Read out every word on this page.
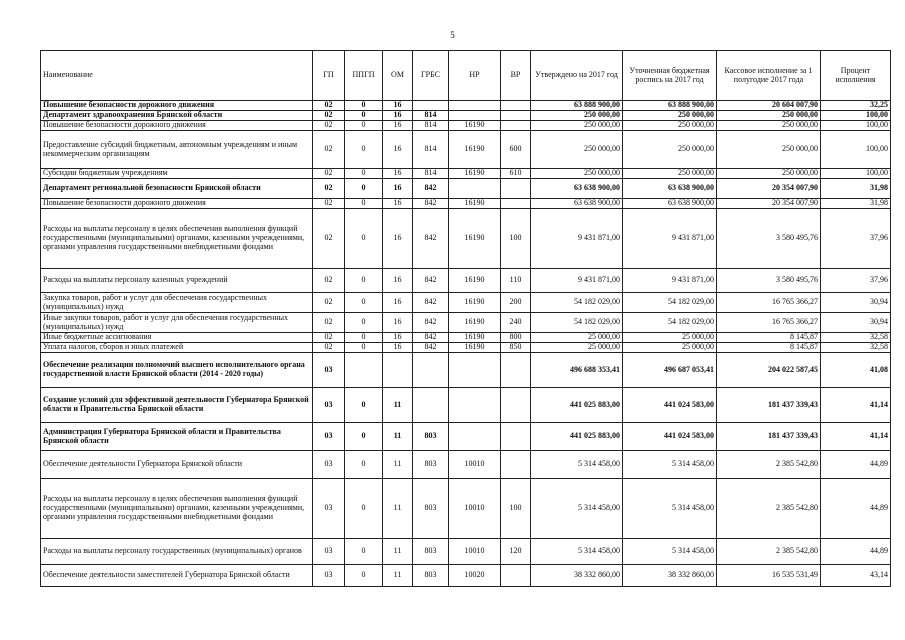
5
Наименование	ГП	ППГП	ОМ	ГРБС	НР	ВР	Утверждено на 2017 год	Уточненная бюджетная роспись на 2017 год	Кассовое исполнение за 1 полугодие 2017 года	Процент исполнения
Повышение безопасности дорожного движения	02	0	16				63 888 900,00	63 888 900,00	20 604 007,90	32,25
Департамент здравоохранения Брянской области	02	0	16	814			250 000,00	250 000,00	250 000,00	100,00
Повышение безопасности дорожного движения	02	0	16	814	16190		250 000,00	250 000,00	250 000,00	100,00
Предоставление субсидий бюджетным, автономным учреждениям и иным некоммерческим организациям	02	0	16	814	16190	600	250 000,00	250 000,00	250 000,00	100,00
Субсидии бюджетным учреждениям	02	0	16	814	16190	610	250 000,00	250 000,00	250 000,00	100,00
Департамент региональной безопасности Брянской области	02	0	16	842			63 638 900,00	63 638 900,00	20 354 007,90	31,98
Повышение безопасности дорожного движения	02	0	16	842	16190		63 638 900,00	63 638 900,00	20 354 007,90	31,98
Расходы на выплаты персоналу в целях обеспечения выполнения функций государственными (муниципальными) органами, казенными учреждениями, органами управления государственными внебюджетными фондами	02	0	16	842	16190	100	9 431 871,00	9 431 871,00	3 580 495,76	37,96
Расходы на выплаты персоналу казенных учреждений	02	0	16	842	16190	110	9 431 871,00	9 431 871,00	3 580 495,76	37,96
Закупка товаров, работ и услуг для обеспечения государственных (муниципальных) нужд	02	0	16	842	16190	200	54 182 029,00	54 182 029,00	16 765 366,27	30,94
Иные закупки товаров, работ и услуг для обеспечения государственных (муниципальных) нужд	02	0	16	842	16190	240	54 182 029,00	54 182 029,00	16 765 366,27	30,94
Иные бюджетные ассигнования	02	0	16	842	16190	800	25 000,00	25 000,00	8 145,87	32,58
Уплата налогов, сборов и иных платежей	02	0	16	842	16190	850	25 000,00	25 000,00	8 145,87	32,58
Обеспечение реализации полномочий высшего исполнительного органа государственной власти Брянской области (2014 - 2020 годы)	03						496 688 353,41	496 687 053,41	204 022 587,45	41,08
Создание условий для эффективной деятельности Губернатора Брянской области и Правительства Брянской области	03	0	11				441 025 883,00	441 024 583,00	181 437 339,43	41,14
Администрация Губернатора Брянской области и Правительства Брянской области	03	0	11	803			441 025 883,00	441 024 583,00	181 437 339,43	41,14
Обеспечение деятельности Губернатора Брянской области	03	0	11	803	10010		5 314 458,00	5 314 458,00	2 385 542,80	44,89
Расходы на выплаты персоналу в целях обеспечения выполнения функций государственными (муниципальными) органами, казенными учреждениями, органами управления государственными внебюджетными фондами	03	0	11	803	10010	100	5 314 458,00	5 314 458,00	2 385 542,80	44,89
Расходы на выплаты персоналу государственных (муниципальных) органов	03	0	11	803	10010	120	5 314 458,00	5 314 458,00	2 385 542,80	44,89
Обеспечение деятельности заместителей Губернатора Брянской области	03	0	11	803	10020		38 332 860,00	38 332 860,00	16 535 531,49	43,14
